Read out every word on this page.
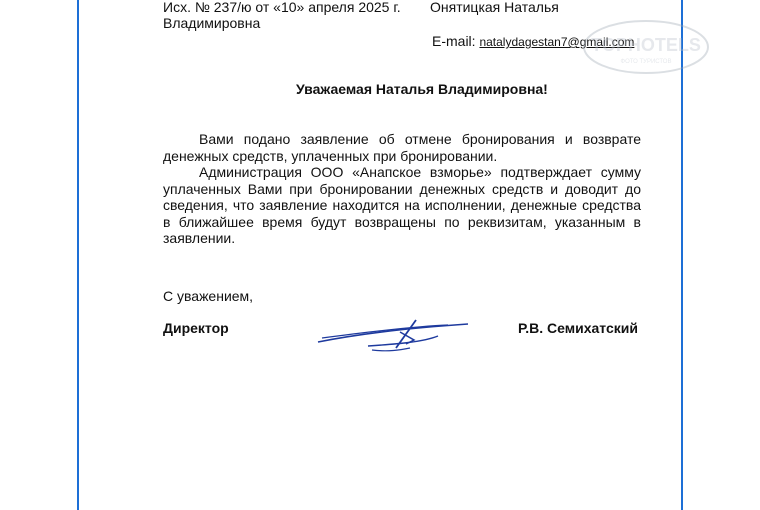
Исх. № 237/ю от «10» апреля 2025 г. Онятицкая Наталья
Владимировна
E-mail: natalydagestan7@gmail.com
TOPHOTELS
ФОТО ТУРИСТОВ
Уважаемая Наталья Владимировна!
Вами подано заявление об отмене бронирования и возврате денежных средств, уплаченных при бронировании.
Администрация ООО «Анапское взморье» подтверждает сумму уплаченных Вами при бронировании денежных средств и доводит до сведения, что заявление находится на исполнении, денежные средства в ближайшее время будут возвращены по реквизитам, указанным в заявлении.
С уважением,
Директор	Р.В. Семихатский
